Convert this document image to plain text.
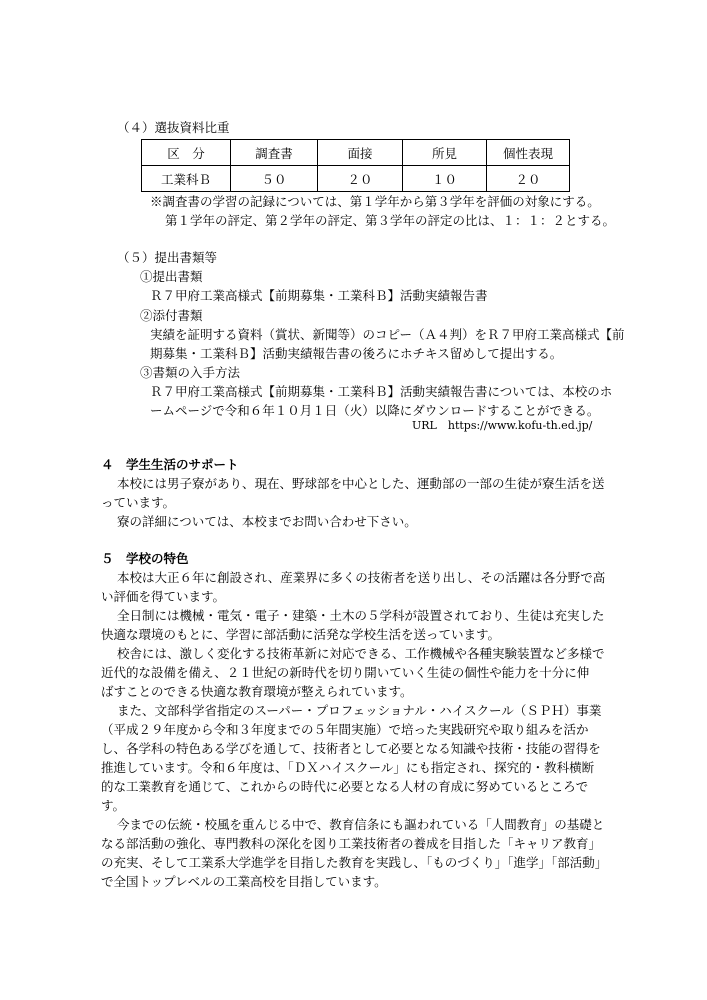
（４）選抜資料比重
区　分	調査書	面接	所見	個性表現
工業科Ｂ	５０	２０	１０	２０
※調査書の学習の記録については、第１学年から第３学年を評価の対象にする。
第１学年の評定、第２学年の評定、第３学年の評定の比は、１：１：２とする。
（５）提出書類等
①提出書類
Ｒ７甲府工業高様式【前期募集・工業科Ｂ】活動実績報告書
②添付書類
実績を証明する資料（賞状、新聞等）のコピー（Ａ４判）をＲ７甲府工業高様式【前
期募集・工業科Ｂ】活動実績報告書の後ろにホチキス留めして提出する。
③書類の入手方法
Ｒ７甲府工業高様式【前期募集・工業科Ｂ】活動実績報告書については、本校のホ
ームページで令和６年１０月１日（火）以降にダウンロードすることができる。
URL　https://www.kofu-th.ed.jp/
４　学生生活のサポート
本校には男子寮があり、現在、野球部を中心とした、運動部の一部の生徒が寮生活を送
っています。
寮の詳細については、本校までお問い合わせ下さい。
５　学校の特色
本校は大正６年に創設され、産業界に多くの技術者を送り出し、その活躍は各分野で高
い評価を得ています。
全日制には機械・電気・電子・建築・土木の５学科が設置されており、生徒は充実した
快適な環境のもとに、学習に部活動に活発な学校生活を送っています。
校舎には、激しく変化する技術革新に対応できる、工作機械や各種実験装置など多様で
近代的な設備を備え、２１世紀の新時代を切り開いていく生徒の個性や能力を十分に伸
ばすことのできる快適な教育環境が整えられています。
また、文部科学省指定のスーパー・プロフェッショナル・ハイスクール（ＳＰＨ）事業
（平成２９年度から令和３年度までの５年間実施）で培った実践研究や取り組みを活か
し、各学科の特色ある学びを通して、技術者として必要となる知識や技術・技能の習得を
推進しています。令和６年度は、「ＤＸハイスクール」にも指定され、探究的・教科横断
的な工業教育を通じて、これからの時代に必要となる人材の育成に努めているところで
す。
今までの伝統・校風を重んじる中で、教育信条にも謳われている「人間教育」の基礎と
なる部活動の強化、専門教科の深化を図り工業技術者の養成を目指した「キャリア教育」
の充実、そして工業系大学進学を目指した教育を実践し、「ものづくり」「進学」「部活動」
で全国トップレベルの工業高校を目指しています。
